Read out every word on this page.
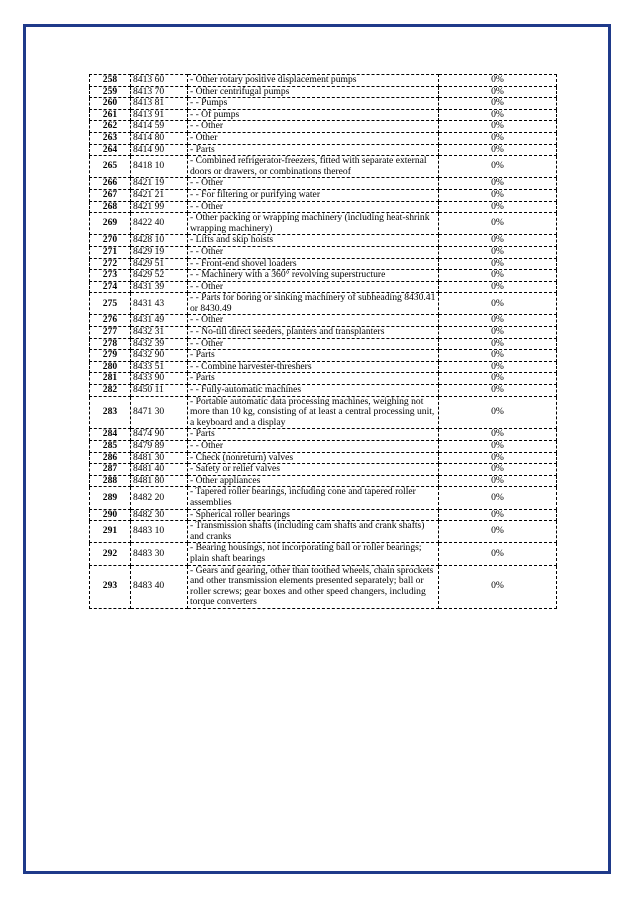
258	8413 60	- Other rotary positive displacement pumps	0%
259	8413 70	- Other centrifugal pumps	0%
260	8413 81	- - Pumps	0%
261	8413 91	- - Of pumps	0%
262	8414 59	- - Other	0%
263	8414 80	- Other	0%
264	8414 90	- Parts	0%
265	8418 10	- Combined refrigerator-freezers, fitted with separate external doors or drawers, or combinations thereof	0%
266	8421 19	- - Other	0%
267	8421 21	- - For filtering or purifying water	0%
268	8421 99	- - Other	0%
269	8422 40	- Other packing or wrapping machinery (including heat-shrink wrapping machinery)	0%
270	8428 10	- Lifts and skip hoists	0%
271	8429 19	- - Other	0%
272	8429 51	- - Front-end shovel loaders	0%
273	8429 52	- - Machinery with a 360° revolving superstructure	0%
274	8431 39	- - Other	0%
275	8431 43	- - Parts for boring or sinking machinery of subheading 8430.41 or 8430.49	0%
276	8431 49	- - Other	0%
277	8432 31	- - No-till direct seeders, planters and transplanters	0%
278	8432 39	- - Other	0%
279	8432 90	- Parts	0%
280	8433 51	- - Combine harvester-threshers	0%
281	8433 90	- Parts	0%
282	8450 11	- - Fully-automatic machines	0%
283	8471 30	- Portable automatic data processing machines, weighing not more than 10 kg, consisting of at least a central processing unit, a keyboard and a display	0%
284	8474 90	- Parts	0%
285	8479 89	- - Other	0%
286	8481 30	- Check (nonreturn) valves	0%
287	8481 40	- Safety or relief valves	0%
288	8481 80	- Other appliances	0%
289	8482 20	- Tapered roller bearings, including cone and tapered roller assemblies	0%
290	8482 30	- Spherical roller bearings	0%
291	8483 10	- Transmission shafts (including cam shafts and crank shafts) and cranks	0%
292	8483 30	- Bearing housings, not incorporating ball or roller bearings; plain shaft bearings	0%
293	8483 40	- Gears and gearing, other than toothed wheels, chain sprockets and other transmission elements presented separately; ball or roller screws; gear boxes and other speed changers, including torque converters	0%
